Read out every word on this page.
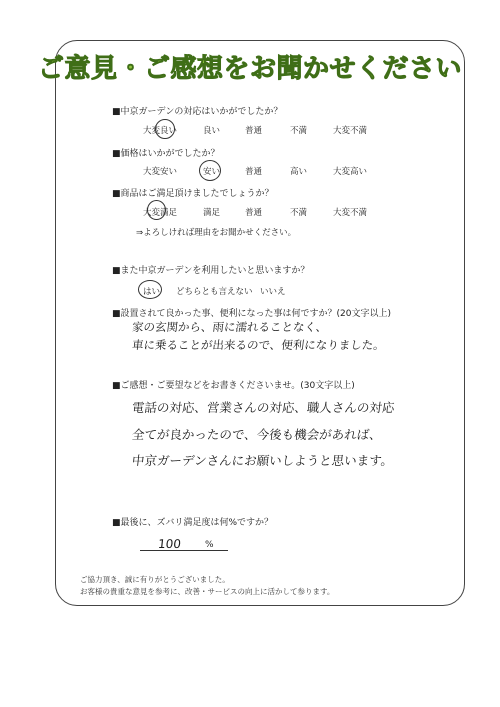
ご意見・ご感想をお聞かせください
■中京ガーデンの対応はいかがでしたか？
大変良い	良い	普通	不満	大変不満
■価格はいかがでしたか？
大変安い	安い	普通	高い	大変高い
■商品はご満足頂けましたでしょうか？
大変満足	満足	普通	不満	大変不満
⇒よろしければ理由をお聞かせください。
■また中京ガーデンを利用したいと思いますか？
はい どちらとも言えない いいえ
■設置されて良かった事、便利になった事は何ですか？(20文字以上)
家の玄関から、雨に濡れることなく、
車に乗ることが出来るので、便利になりました。
■ご感想・ご要望などをお書きくださいませ。(30文字以上)
電話の対応、営業さんの対応、職人さんの対応
全てが良かったので、今後も機会があれば、
中京ガーデンさんにお願いしようと思います。
■最後に、ズバリ満足度は何%ですか？
100	%
ご協力頂き、誠に有りがとうございました。
お客様の貴重な意見を参考に、改善・サービスの向上に活かして参ります。
